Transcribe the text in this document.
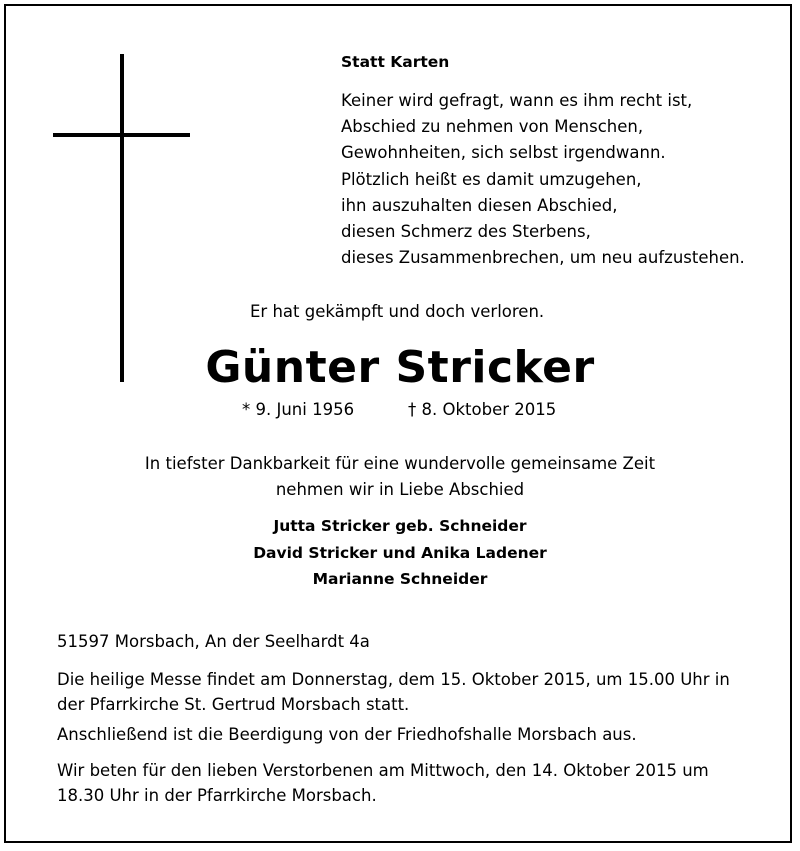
Statt Karten
Keiner wird gefragt, wann es ihm recht ist,
Abschied zu nehmen von Menschen,
Gewohnheiten, sich selbst irgendwann.
Plötzlich heißt es damit umzugehen,
ihn auszuhalten diesen Abschied,
diesen Schmerz des Sterbens,
dieses Zusammenbrechen, um neu aufzustehen.
Er hat gekämpft und doch verloren.
Günter Stricker
* 9. Juni 1956	† 8. Oktober 2015
In tiefster Dankbarkeit für eine wundervolle gemeinsame Zeit
nehmen wir in Liebe Abschied
Jutta Stricker geb. Schneider
David Stricker und Anika Ladener
Marianne Schneider
51597 Morsbach, An der Seelhardt 4a
Die heilige Messe findet am Donnerstag, dem 15. Oktober 2015, um 15.00 Uhr in der Pfarrkirche St. Gertrud Morsbach statt.
Anschließend ist die Beerdigung von der Friedhofshalle Morsbach aus.
Wir beten für den lieben Verstorbenen am Mittwoch, den 14. Oktober 2015 um 18.30 Uhr in der Pfarrkirche Morsbach.
